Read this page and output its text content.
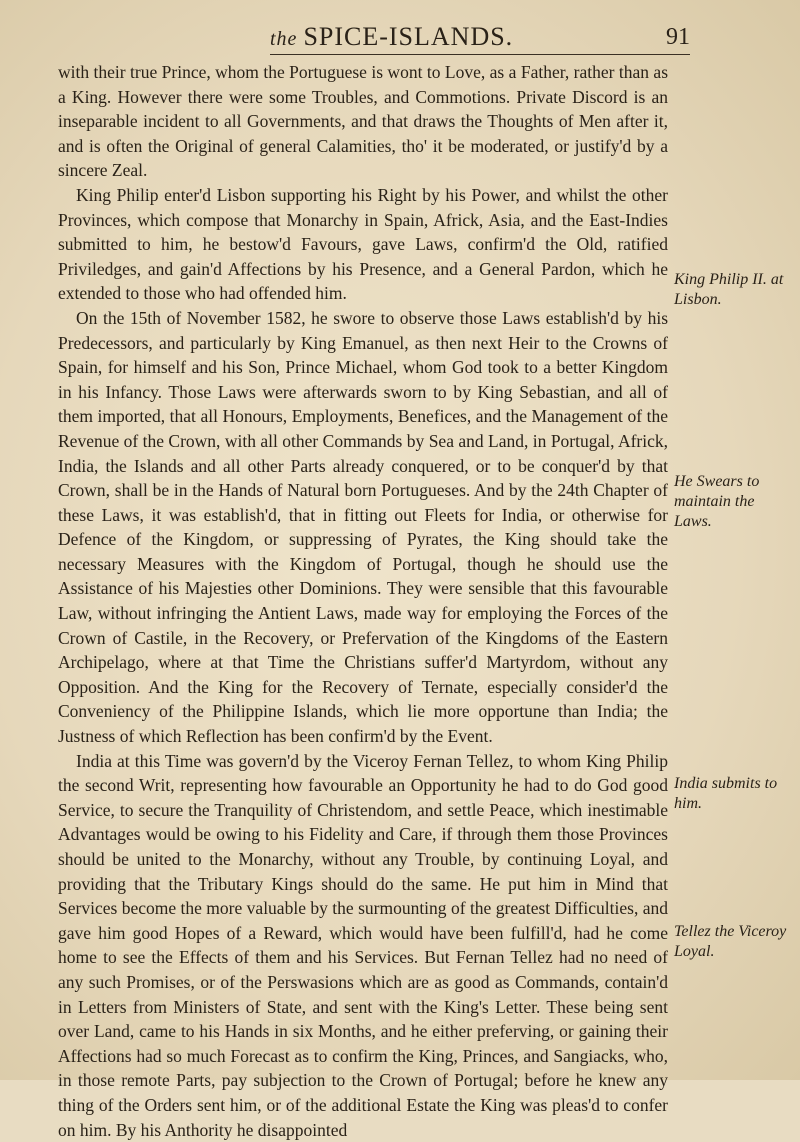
the SPICE-ISLANDS.	91

with their true Prince, whom the Portuguese is wont to Love, as a Father, rather than as a King. However there were some Troubles, and Commotions. Private Discord is an inseparable incident to all Governments, and that draws the Thoughts of Men after it, and is often the Original of general Calamities, tho' it be moderated, or justify'd by a sincere Zeal.

King Philip enter'd Lisbon supporting his Right by his Power, and whilst the other Provinces, which compose that Monarchy in Spain, Africk, Asia, and the East-Indies submitted to him, he bestow'd Favours, gave Laws, confirm'd the Old, ratified Priviledges, and gain'd Affections by his Presence, and a General Pardon, which he extended to those who had offended him.

On the 15th of November 1582, he swore to observe those Laws establish'd by his Predecessors, and particularly by King Emanuel, as then next Heir to the Crowns of Spain, for himself and his Son, Prince Michael, whom God took to a better Kingdom in his Infancy. Those Laws were afterwards sworn to by King Sebastian, and all of them imported, that all Honours, Employments, Benefices, and the Management of the Revenue of the Crown, with all other Commands by Sea and Land, in Portugal, Africk, India, the Islands and all other Parts already conquered, or to be conquer'd by that Crown, shall be in the Hands of Natural born Portugueses. And by the 24th Chapter of these Laws, it was establish'd, that in fitting out Fleets for India, or otherwise for Defence of the Kingdom, or suppressing of Pyrates, the King should take the necessary Measures with the Kingdom of Portugal, though he should use the Assistance of his Majesties other Dominions. They were sensible that this favourable Law, without infringing the Antient Laws, made way for employing the Forces of the Crown of Castile, in the Recovery, or Prefervation of the Kingdoms of the Eastern Archipelago, where at that Time the Christians suffer'd Martyrdom, without any Opposition. And the King for the Recovery of Ternate, especially consider'd the Conveniency of the Philippine Islands, which lie more opportune than India; the Justness of which Reflection has been confirm'd by the Event.

India at this Time was govern'd by the Viceroy Fernan Tellez, to whom King Philip the second Writ, representing how favourable an Opportunity he had to do God good Service, to secure the Tranquility of Christendom, and settle Peace, which inestimable Advantages would be owing to his Fidelity and Care, if through them those Provinces should be united to the Monarchy, without any Trouble, by continuing Loyal, and providing that the Tributary Kings should do the same. He put him in Mind that Services become the more valuable by the surmounting of the greatest Difficulties, and gave him good Hopes of a Reward, which would have been fulfill'd, had he come home to see the Effects of them and his Services. But Fernan Tellez had no need of any such Promises, or of the Perswasions which are as good as Commands, contain'd in Letters from Ministers of State, and sent with the King's Letter. These being sent over Land, came to his Hands in six Months, and he either preferving, or gaining their Affections had so much Forecast as to confirm the King, Princes, and Sangiacks, who, in those remote Parts, pay subjection to the Crown of Portugal; before he knew any thing of the Orders sent him, or of the additional Estate the King was pleas'd to confer on him. By his Anthority he disappointed

King Philip II. at Lisbon.
He Swears to maintain the Laws.
India submits to him.
Tellez the Viceroy Loyal.
